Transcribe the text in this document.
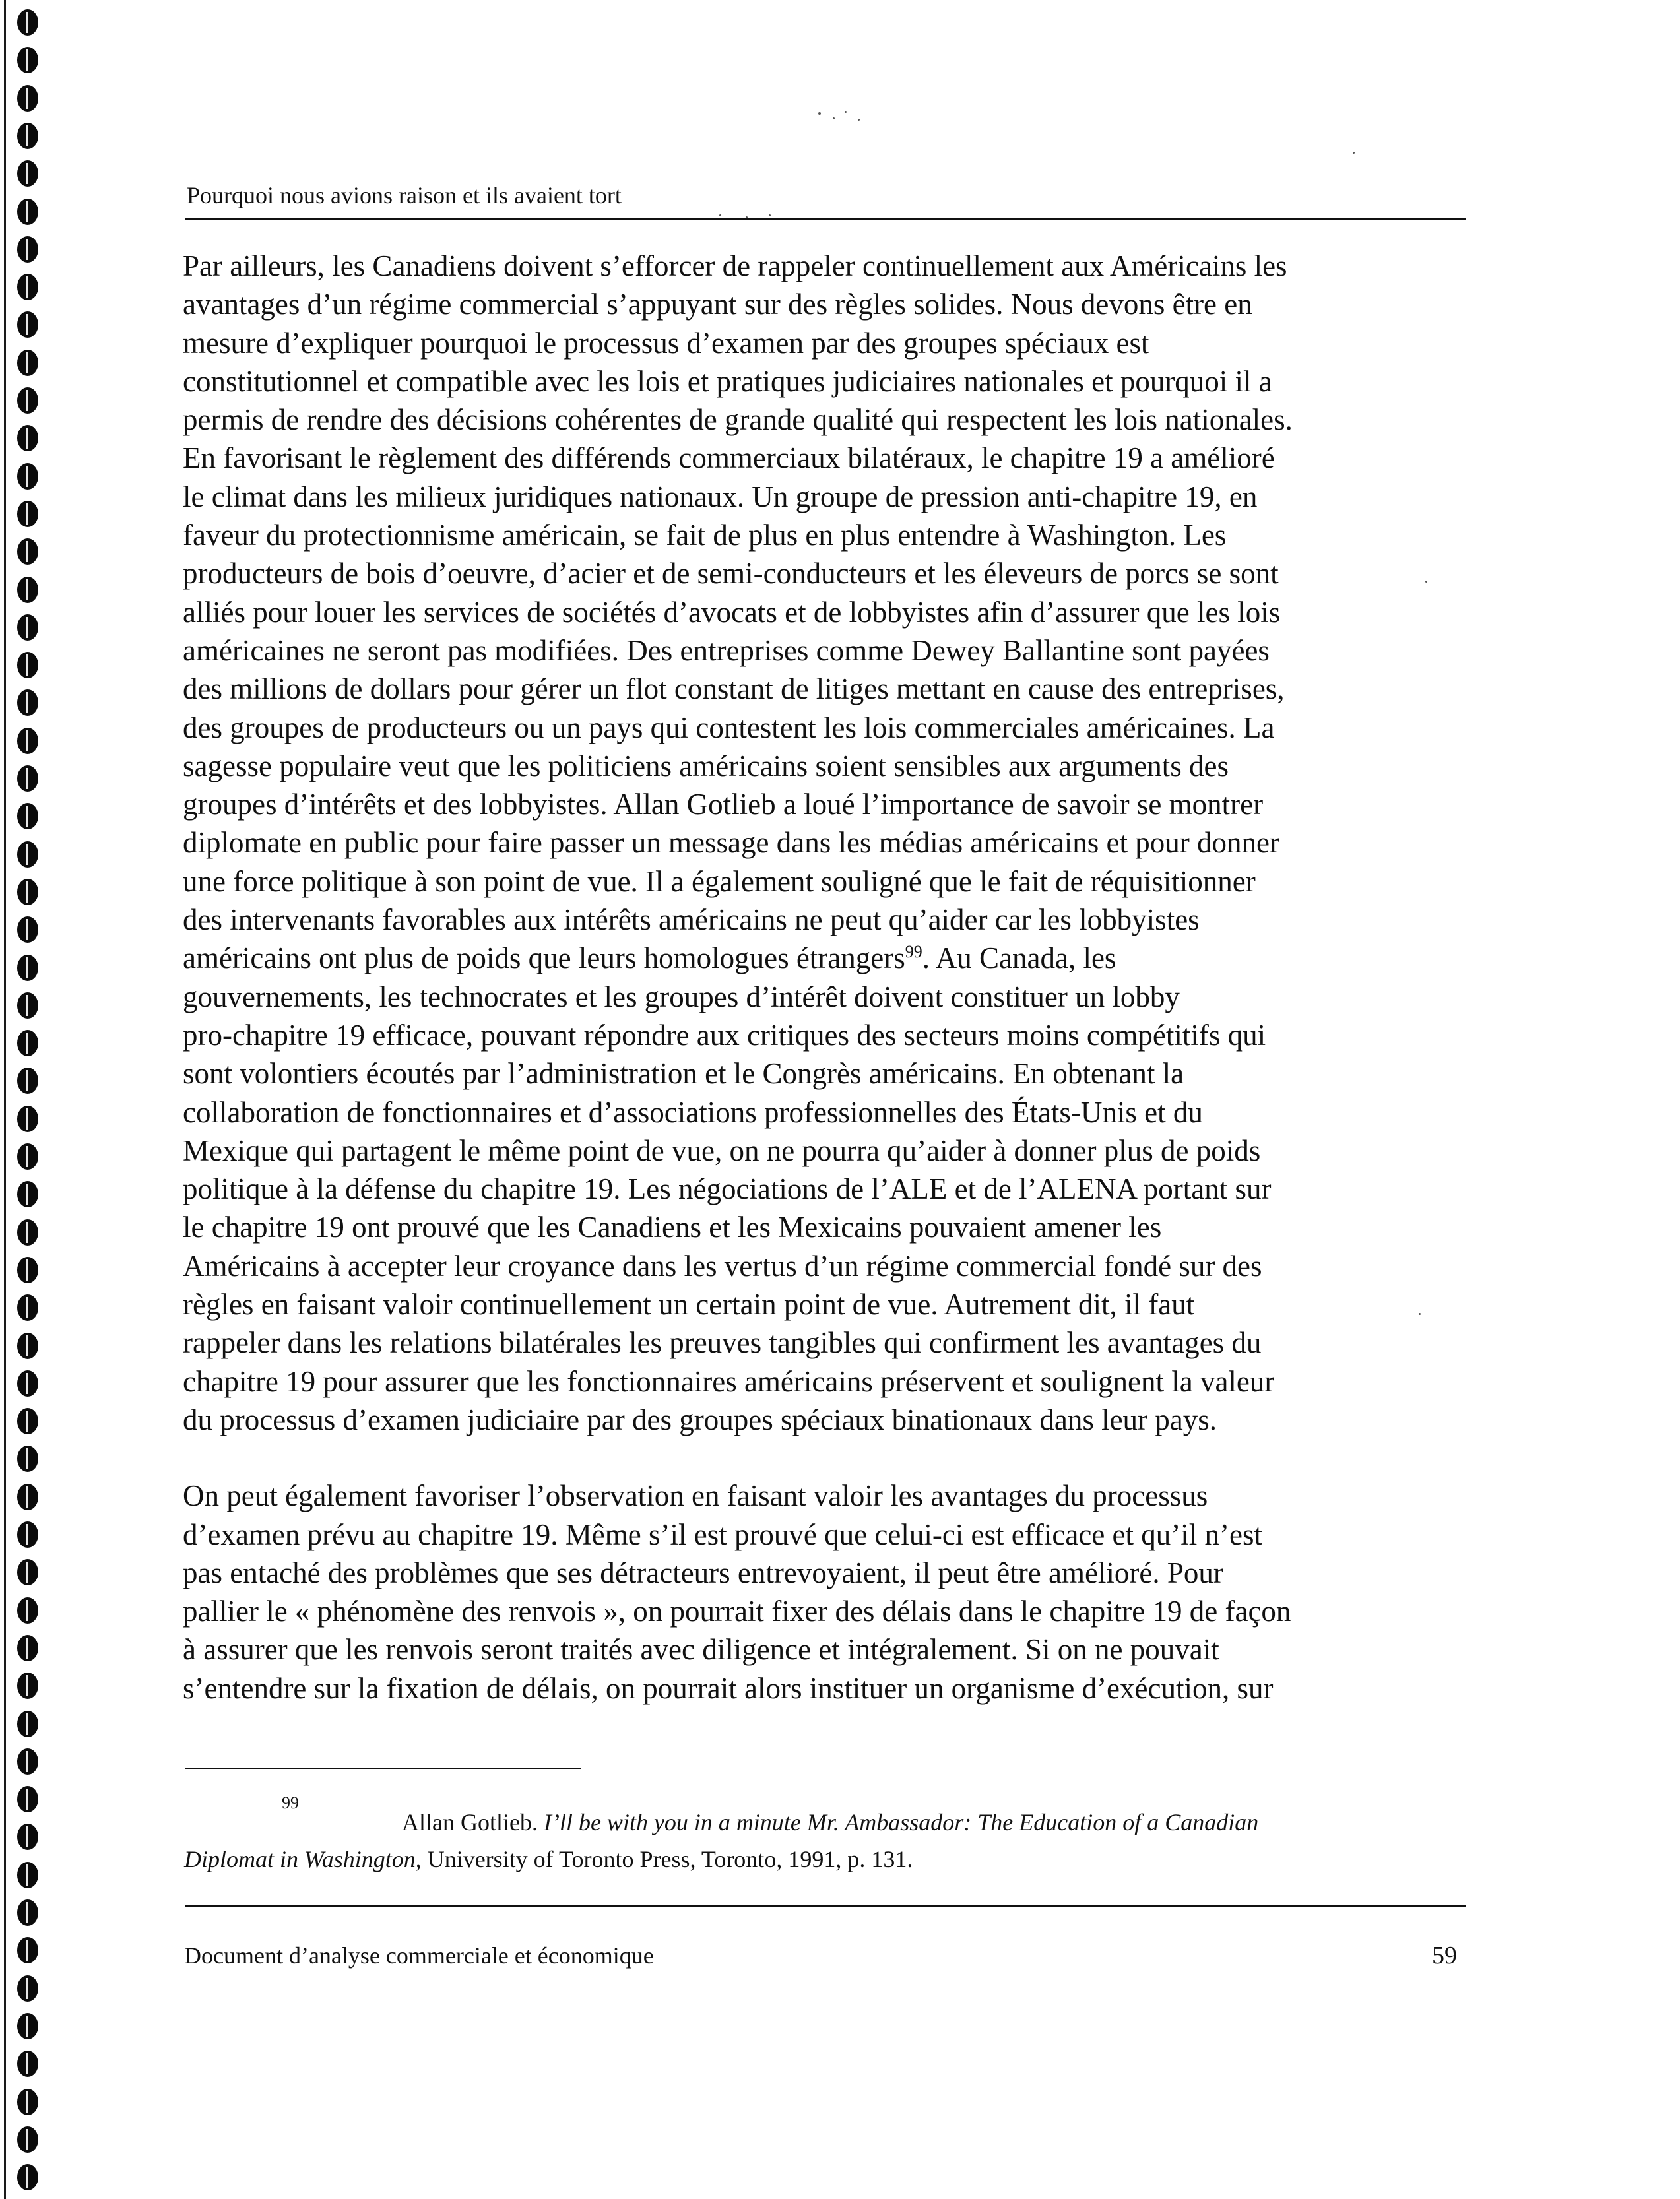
Pourquoi nous avions raison et ils avaient tort

Par ailleurs, les Canadiens doivent s’efforcer de rappeler continuellement aux Américains les
avantages d’un régime commercial s’appuyant sur des règles solides. Nous devons être en
mesure d’expliquer pourquoi le processus d’examen par des groupes spéciaux est
constitutionnel et compatible avec les lois et pratiques judiciaires nationales et pourquoi il a
permis de rendre des décisions cohérentes de grande qualité qui respectent les lois nationales.
En favorisant le règlement des différends commerciaux bilatéraux, le chapitre 19 a amélioré
le climat dans les milieux juridiques nationaux. Un groupe de pression anti-chapitre 19, en
faveur du protectionnisme américain, se fait de plus en plus entendre à Washington. Les
producteurs de bois d’oeuvre, d’acier et de semi-conducteurs et les éleveurs de porcs se sont
alliés pour louer les services de sociétés d’avocats et de lobbyistes afin d’assurer que les lois
américaines ne seront pas modifiées. Des entreprises comme Dewey Ballantine sont payées
des millions de dollars pour gérer un flot constant de litiges mettant en cause des entreprises,
des groupes de producteurs ou un pays qui contestent les lois commerciales américaines. La
sagesse populaire veut que les politiciens américains soient sensibles aux arguments des
groupes d’intérêts et des lobbyistes. Allan Gotlieb a loué l’importance de savoir se montrer
diplomate en public pour faire passer un message dans les médias américains et pour donner
une force politique à son point de vue. Il a également souligné que le fait de réquisitionner
des intervenants favorables aux intérêts américains ne peut qu’aider car les lobbyistes
américains ont plus de poids que leurs homologues étrangers$^{99}$. Au Canada, les
gouvernements, les technocrates et les groupes d’intérêt doivent constituer un lobby
pro-chapitre 19 efficace, pouvant répondre aux critiques des secteurs moins compétitifs qui
sont volontiers écoutés par l’administration et le Congrès américains. En obtenant la
collaboration de fonctionnaires et d’associations professionnelles des États-Unis et du
Mexique qui partagent le même point de vue, on ne pourra qu’aider à donner plus de poids
politique à la défense du chapitre 19. Les négociations de l’ALE et de l’ALENA portant sur
le chapitre 19 ont prouvé que les Canadiens et les Mexicains pouvaient amener les
Américains à accepter leur croyance dans les vertus d’un régime commercial fondé sur des
règles en faisant valoir continuellement un certain point de vue. Autrement dit, il faut
rappeler dans les relations bilatérales les preuves tangibles qui confirment les avantages du
chapitre 19 pour assurer que les fonctionnaires américains préservent et soulignent la valeur
du processus d’examen judiciaire par des groupes spéciaux binationaux dans leur pays.

On peut également favoriser l’observation en faisant valoir les avantages du processus
d’examen prévu au chapitre 19. Même s’il est prouvé que celui-ci est efficace et qu’il n’est
pas entaché des problèmes que ses détracteurs entrevoyaient, il peut être amélioré. Pour
pallier le « phénomène des renvois », on pourrait fixer des délais dans le chapitre 19 de façon
à assurer que les renvois seront traités avec diligence et intégralement. Si on ne pouvait
s’entendre sur la fixation de délais, on pourrait alors instituer un organisme d’exécution, sur

99
Allan Gotlieb. I’ll be with you in a minute Mr. Ambassador: The Education of a Canadian
Diplomat in Washington, University of Toronto Press, Toronto, 1991, p. 131.
Document d’analyse commerciale et économique	59
